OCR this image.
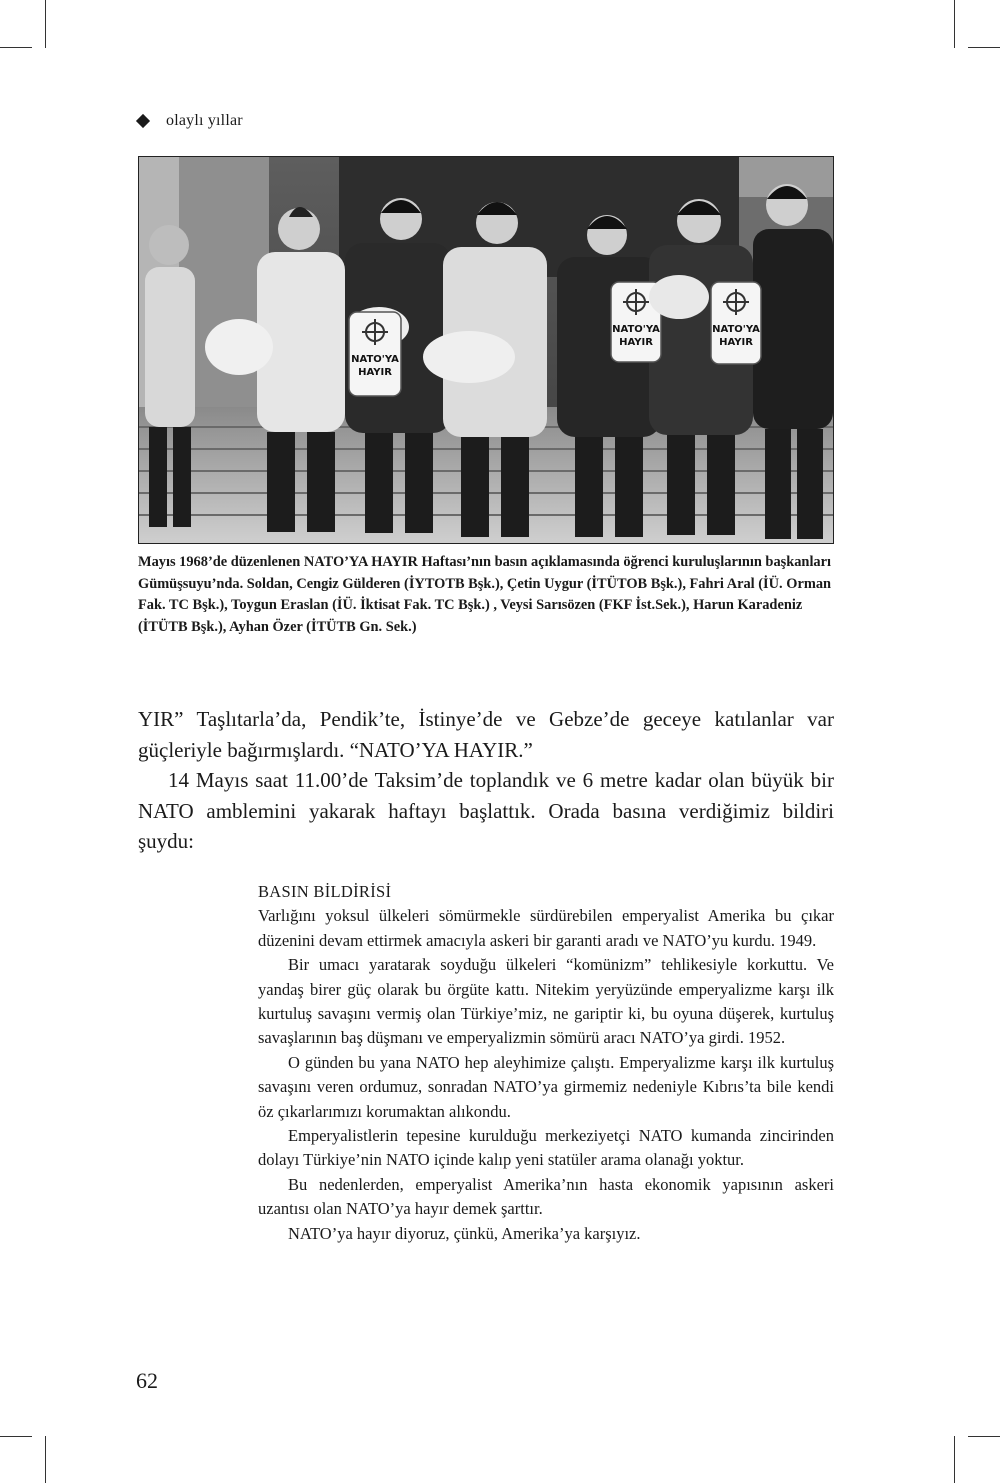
olaylı yıllar
NATO'YA
HAYIR
NATO'YA
HAYIR
NATO'YA
HAYIR

Mayıs 1968’de düzenlenen NATO’YA HAYIR Haftası’nın basın açıklamasında öğrenci kuruluşlarının başkanları Gümüşsuyu’nda. Soldan, Cengiz Gülderen (İYTOTB Bşk.), Çetin Uygur (İTÜTOB Bşk.), Fahri Aral (İÜ. Orman Fak. TC Bşk.), Toygun Eraslan (İÜ. İktisat Fak. TC Bşk.) , Veysi Sarısözen (FKF İst.Sek.), Harun Karadeniz (İTÜTB Bşk.), Ayhan Özer (İTÜTB Gn. Sek.)

YIR” Taşlıtarla’da, Pendik’te, İstinye’de ve Gebze’de geceye katılanlar var güçleriyle bağırmışlardı. “NATO’YA HAYIR.”

14 Mayıs saat 11.00’de Taksim’de toplandık ve 6 metre kadar olan büyük bir NATO amblemini yakarak haftayı başlattık. Orada basına verdiğimiz bildiri şuydu:

BASIN BİLDİRİSİ

Varlığını yoksul ülkeleri sömürmekle sürdürebilen emperyalist Amerika bu çıkar düzenini devam ettirmek amacıyla askeri bir garanti aradı ve NATO’yu kurdu. 1949.

Bir umacı yaratarak soyduğu ülkeleri “komünizm” tehlikesiyle korkuttu. Ve yandaş birer güç olarak bu örgüte kattı. Nitekim yeryüzünde emperyalizme karşı ilk kurtuluş savaşını vermiş olan Türkiye’miz, ne gariptir ki, bu oyuna düşerek, kurtuluş savaşlarının baş düşmanı ve emperyalizmin sömürü aracı NATO’ya girdi. 1952.

O günden bu yana NATO hep aleyhimize çalıştı. Emperyalizme karşı ilk kurtuluş savaşını veren ordumuz, sonradan NATO’ya girmemiz nedeniyle Kıbrıs’ta bile kendi öz çıkarlarımızı korumaktan alıkondu.

Emperyalistlerin tepesine kurulduğu merkeziyetçi NATO kumanda zincirinden dolayı Türkiye’nin NATO içinde kalıp yeni statüler arama olanağı yoktur.

Bu nedenlerden, emperyalist Amerika’nın hasta ekonomik yapısının askeri uzantısı olan NATO’ya hayır demek şarttır.

NATO’ya hayır diyoruz, çünkü, Amerika’ya karşıyız.

62
